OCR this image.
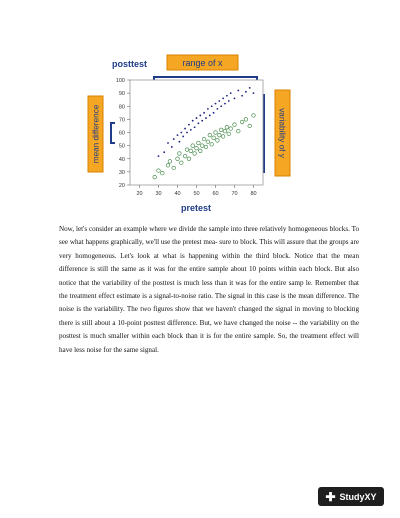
posttest	range of x
mean difference	variability of y
100
90
80
70
60
50
40
30
20
20 30 40 50 60 70 80
pretest

Now, let's consider an example where we divide the sample into three relatively homogeneous blocks. To see what happens graphically, we'll use the pretest mea- sure to block. This will assure that the groups are very homogeneous. Let's look at what is happening within the third block. Notice that the mean difference is still the same as it was for the entire sample about 10 points within each block. But also notice that the variability of the posttest is much less than it was for the entire samp le. Remember that the treatment effect estimate is a signal-to-noise ratio. The signal in this case is the mean difference. The noise is the variability. The two figures show that we haven't changed the signal in moving to blocking there is still about a 10-point posttest difference. But, we have changed the noise -- the variability on the posttest is much smaller within each block than it is for the entire sample. So, the treatment effect will have less noise for the same signal.

✚ StudyXY
